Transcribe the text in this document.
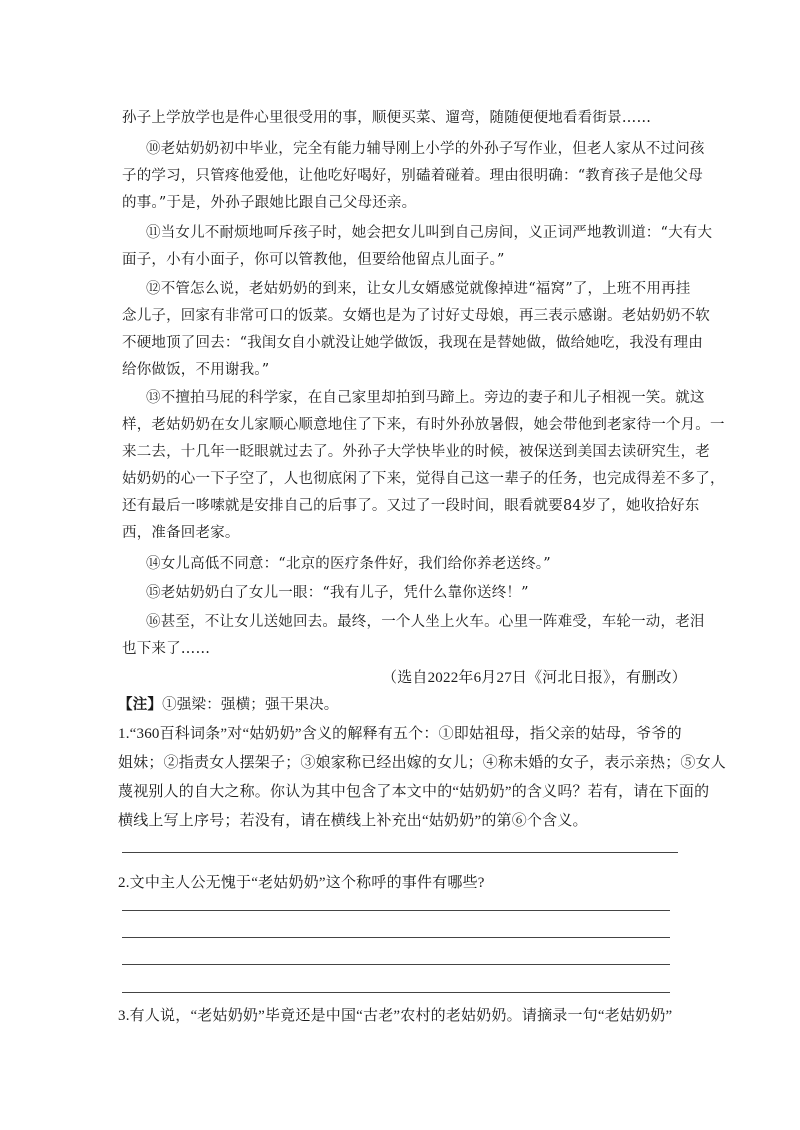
孙子上学放学也是件心里很受用的事，顺便买菜、遛弯，随随便便地看看街景……
⑩老姑奶奶初中毕业，完全有能力辅导刚上小学的外孙子写作业，但老人家从不过问孩
子的学习，只管疼他爱他，让他吃好喝好，别磕着碰着。理由很明确：“教育孩子是他父母
的事。”于是，外孙子跟她比跟自己父母还亲。
⑪当女儿不耐烦地呵斥孩子时，她会把女儿叫到自己房间，义正词严地教训道：“大有大
面子，小有小面子，你可以管教他，但要给他留点儿面子。”
⑫不管怎么说，老姑奶奶的到来，让女儿女婿感觉就像掉进“福窝”了，上班不用再挂
念儿子，回家有非常可口的饭菜。女婿也是为了讨好丈母娘，再三表示感谢。老姑奶奶不软
不硬地顶了回去：“我闺女自小就没让她学做饭，我现在是替她做，做给她吃，我没有理由
给你做饭，不用谢我。”
⑬不擅拍马屁的科学家，在自己家里却拍到马蹄上。旁边的妻子和儿子相视一笑。就这
样，老姑奶奶在女儿家顺心顺意地住了下来，有时外孙放暑假，她会带他到老家待一个月。一
来二去，十几年一眨眼就过去了。外孙子大学快毕业的时候，被保送到美国去读研究生，老
姑奶奶的心一下子空了，人也彻底闲了下来，觉得自己这一辈子的任务，也完成得差不多了，
还有最后一哆嗦就是安排自己的后事了。又过了一段时间，眼看就要84岁了，她收拾好东
西，准备回老家。
⑭女儿高低不同意：“北京的医疗条件好，我们给你养老送终。”
⑮老姑奶奶白了女儿一眼：“我有儿子，凭什么靠你送终！”
⑯甚至，不让女儿送她回去。最终，一个人坐上火车。心里一阵难受，车轮一动，老泪
也下来了……
（选自2022年6月27日《河北日报》，有删改）
【注】①强梁：强横；强干果决。
1.“360百科词条”对“姑奶奶”含义的解释有五个：①即姑祖母，指父亲的姑母，爷爷的
姐妹；②指责女人摆架子；③娘家称已经出嫁的女儿；④称未婚的女子，表示亲热；⑤女人
蔑视别人的自大之称。你认为其中包含了本文中的“姑奶奶”的含义吗？若有，请在下面的
横线上写上序号；若没有，请在横线上补充出“姑奶奶”的第⑥个含义。
2.文中主人公无愧于“老姑奶奶”这个称呼的事件有哪些?
3.有人说，“老姑奶奶”毕竟还是中国“古老”农村的老姑奶奶。请摘录一句“老姑奶奶”
